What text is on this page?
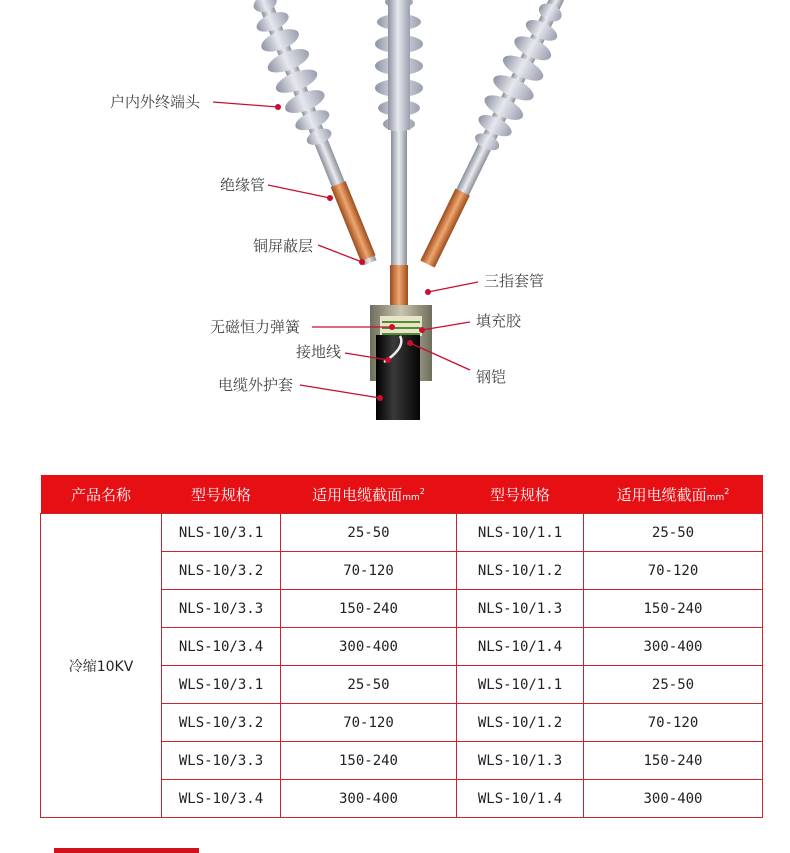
户内外终端头
绝缘管
铜屏蔽层
三指套管
无磁恒力弹簧	填充胶
接地线
钢铠
电缆外护套
产品名称	型号规格	适用电缆截面$mm^2$	型号规格	适用电缆截面$mm^2$
冷缩10KV	NLS-10/3.1	25-50	NLS-10/1.1	25-50
	NLS-10/3.2	70-120	NLS-10/1.2	70-120
	NLS-10/3.3	150-240	NLS-10/1.3	150-240
	NLS-10/3.4	300-400	NLS-10/1.4	300-400
	WLS-10/3.1	25-50	WLS-10/1.1	25-50
	WLS-10/3.2	70-120	WLS-10/1.2	70-120
	WLS-10/3.3	150-240	WLS-10/1.3	150-240
	WLS-10/3.4	300-400	WLS-10/1.4	300-400
